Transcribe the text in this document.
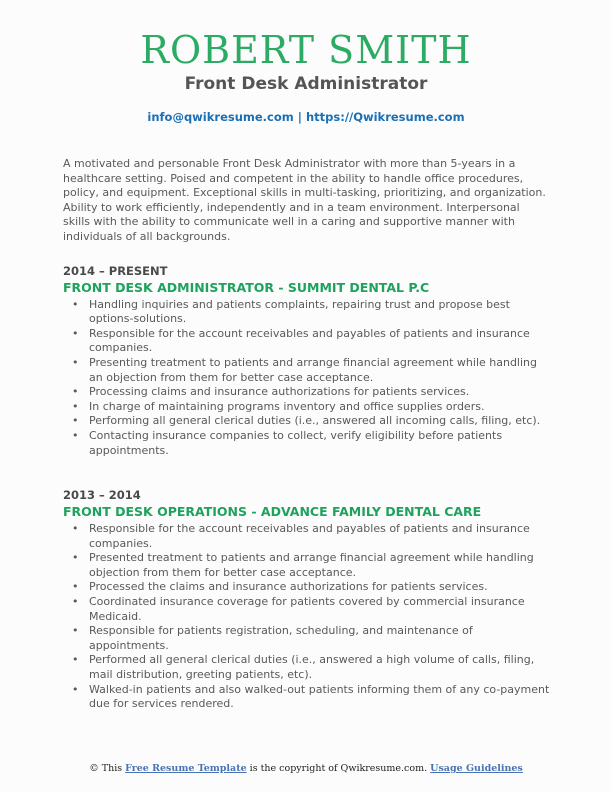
ROBERT SMITH
Front Desk Administrator
info@qwikresume.com | https://Qwikresume.com

A motivated and personable Front Desk Administrator with more than 5-years in a healthcare setting. Poised and competent in the ability to handle office procedures, policy, and equipment. Exceptional skills in multi-tasking, prioritizing, and organization. Ability to work efficiently, independently and in a team environment. Interpersonal skills with the ability to communicate well in a caring and supportive manner with individuals of all backgrounds.

2014 – PRESENT
FRONT DESK ADMINISTRATOR - SUMMIT DENTAL P.C
• Handling inquiries and patients complaints, repairing trust and propose best options-solutions.
• Responsible for the account receivables and payables of patients and insurance companies.
• Presenting treatment to patients and arrange financial agreement while handling an objection from them for better case acceptance.
• Processing claims and insurance authorizations for patients services.
• In charge of maintaining programs inventory and office supplies orders.
• Performing all general clerical duties (i.e., answered all incoming calls, filing, etc).
• Contacting insurance companies to collect, verify eligibility before patients appointments.
2013 – 2014
FRONT DESK OPERATIONS - ADVANCE FAMILY DENTAL CARE
• Responsible for the account receivables and payables of patients and insurance companies.
• Presented treatment to patients and arrange financial agreement while handling objection from them for better case acceptance.
• Processed the claims and insurance authorizations for patients services.
• Coordinated insurance coverage for patients covered by commercial insurance Medicaid.
• Responsible for patients registration, scheduling, and maintenance of appointments.
• Performed all general clerical duties (i.e., answered a high volume of calls, filing, mail distribution, greeting patients, etc).
• Walked-in patients and also walked-out patients informing them of any co-payment due for services rendered.
© This Free Resume Template is the copyright of Qwikresume.com. Usage Guidelines
